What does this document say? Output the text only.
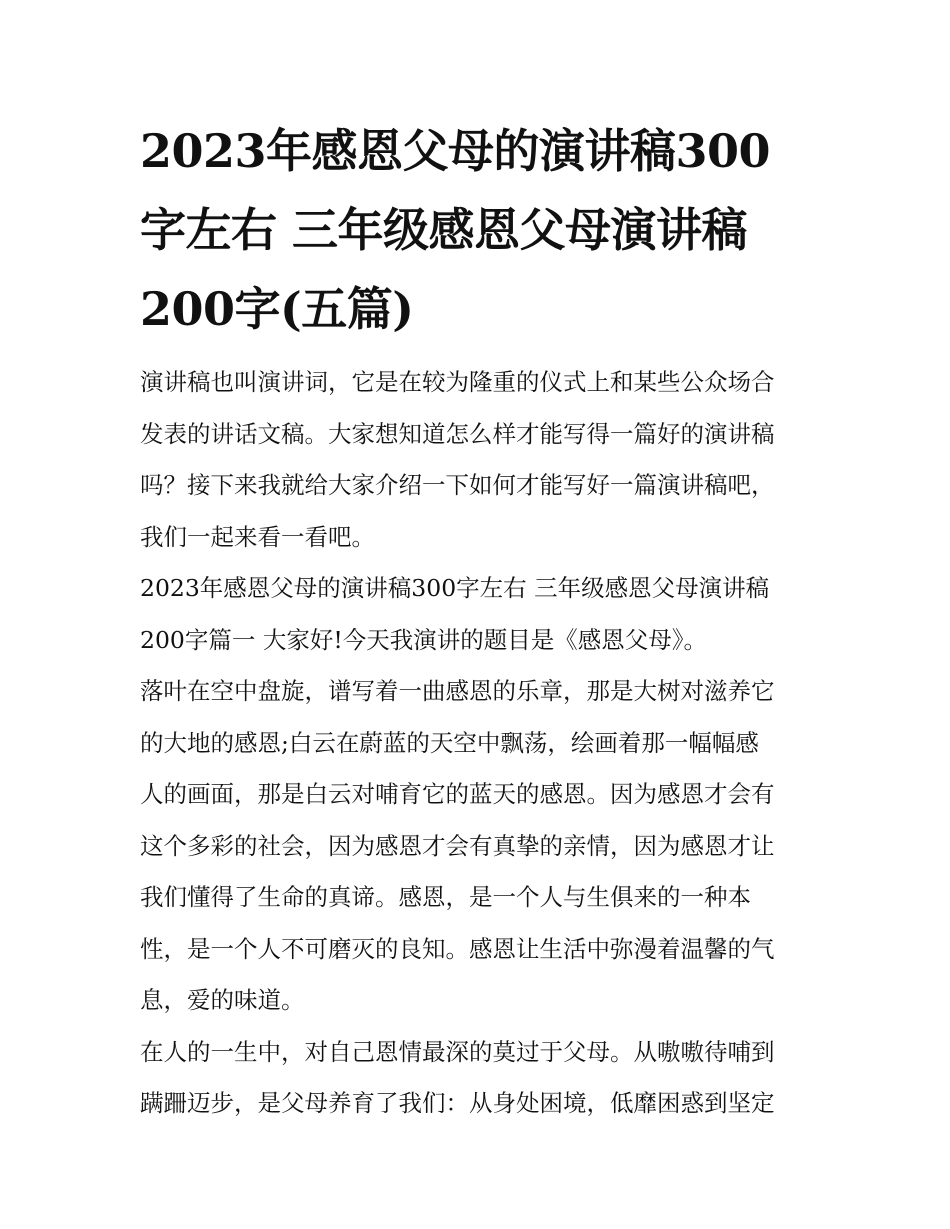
2023年感恩父母的演讲稿300
字左右 三年级感恩父母演讲稿
200字(五篇)

演讲稿也叫演讲词，它是在较为隆重的仪式上和某些公众场合
发表的讲话文稿。大家想知道怎么样才能写得一篇好的演讲稿
吗？接下来我就给大家介绍一下如何才能写好一篇演讲稿吧，
我们一起来看一看吧。

2023年感恩父母的演讲稿300字左右 三年级感恩父母演讲稿
200字篇一 大家好!今天我演讲的题目是《感恩父母》。

落叶在空中盘旋，谱写着一曲感恩的乐章，那是大树对滋养它
的大地的感恩;白云在蔚蓝的天空中飘荡，绘画着那一幅幅感
人的画面，那是白云对哺育它的蓝天的感恩。因为感恩才会有
这个多彩的社会，因为感恩才会有真挚的亲情，因为感恩才让
我们懂得了生命的真谛。感恩，是一个人与生俱来的一种本
性，是一个人不可磨灭的良知。感恩让生活中弥漫着温馨的气
息，爱的味道。

在人的一生中，对自己恩情最深的莫过于父母。从嗷嗷待哺到
蹒跚迈步，是父母养育了我们：从身处困境，低靡困惑到坚定
